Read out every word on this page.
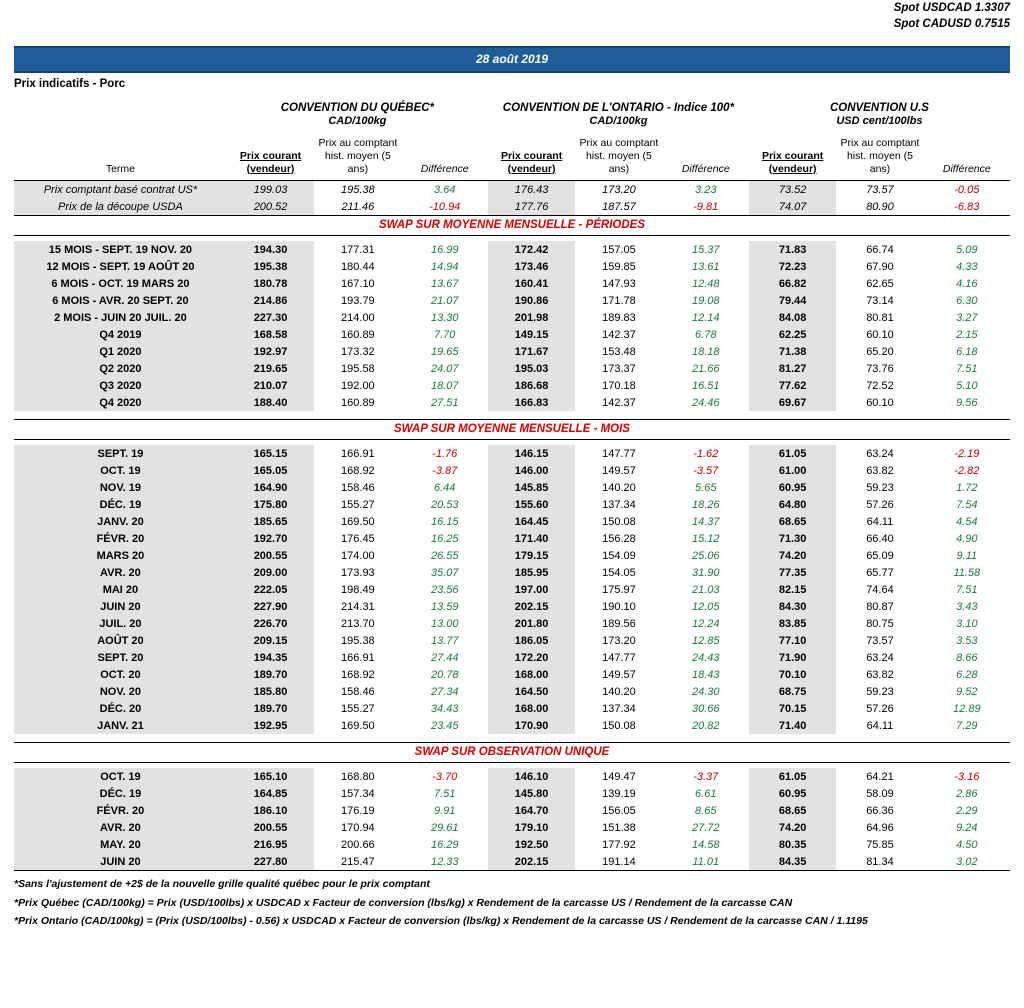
Spot USDCAD 1.3307
Spot CADUSD 0.7515
28 août 2019
Prix indicatifs - Porc
	CONVENTION DU QUÉBEC*			CONVENTION DE L'ONTARIO - Indice 100*			CONVENTION U.S		
	CAD/100kg			CAD/100kg			USD cent/100lbs		
Terme	Prix courant (vendeur)	Prix au comptant hist. moyen (5 ans)	Différence	Prix courant (vendeur)	Prix au comptant hist. moyen (5 ans)	Différence	Prix courant (vendeur)	Prix au comptant hist. moyen (5 ans)	Différence

Prix comptant basé contrat US*	199.03	195.38	3.64	176.43	173.20	3.23	73.52	73.57	-0.05
Prix de la découpe USDA	200.52	211.46	-10.94	177.76	187.57	-9.81	74.07	80.90	-6.83
SWAP SUR MOYENNE MENSUELLE - PÉRIODES									

15 MOIS - SEPT. 19 NOV. 20	194.30	177.31	16.99	172.42	157.05	15.37	71.83	66.74	5.09
12 MOIS - SEPT. 19 AOÛT 20	195.38	180.44	14.94	173.46	159.85	13.61	72.23	67.90	4.33
6 MOIS - OCT. 19 MARS 20	180.78	167.10	13.67	160.41	147.93	12.48	66.82	62.65	4.16
6 MOIS - AVR. 20 SEPT. 20	214.86	193.79	21.07	190.86	171.78	19.08	79.44	73.14	6.30
2 MOIS - JUIN 20 JUIL. 20	227.30	214.00	13.30	201.98	189.83	12.14	84.08	80.81	3.27
Q4 2019	168.58	160.89	7.70	149.15	142.37	6.78	62.25	60.10	2.15
Q1 2020	192.97	173.32	19.65	171.67	153.48	18.18	71.38	65.20	6.18
Q2 2020	219.65	195.58	24.07	195.03	173.37	21.66	81.27	73.76	7.51
Q3 2020	210.07	192.00	18.07	186.68	170.18	16.51	77.62	72.52	5.10
Q4 2020	188.40	160.89	27.51	166.83	142.37	24.46	69.67	60.10	9.56

SWAP SUR MOYENNE MENSUELLE - MOIS									

SEPT. 19	165.15	166.91	-1.76	146.15	147.77	-1.62	61.05	63.24	-2.19
OCT. 19	165.05	168.92	-3.87	146.00	149.57	-3.57	61.00	63.82	-2.82
NOV. 19	164.90	158.46	6.44	145.85	140.20	5.65	60.95	59.23	1.72
DÉC. 19	175.80	155.27	20.53	155.60	137.34	18.26	64.80	57.26	7.54
JANV. 20	185.65	169.50	16.15	164.45	150.08	14.37	68.65	64.11	4.54
FÉVR. 20	192.70	176.45	16.25	171.40	156.28	15.12	71.30	66.40	4.90
MARS 20	200.55	174.00	26.55	179.15	154.09	25.06	74.20	65.09	9.11
AVR. 20	209.00	173.93	35.07	185.95	154.05	31.90	77.35	65.77	11.58
MAI 20	222.05	198.49	23.56	197.00	175.97	21.03	82.15	74.64	7.51
JUIN 20	227.90	214.31	13.59	202.15	190.10	12.05	84.30	80.87	3.43
JUIL. 20	226.70	213.70	13.00	201.80	189.56	12.24	83.85	80.75	3.10
AOÛT 20	209.15	195.38	13.77	186.05	173.20	12.85	77.10	73.57	3.53
SEPT. 20	194.35	166.91	27.44	172.20	147.77	24.43	71.90	63.24	8.66
OCT. 20	189.70	168.92	20.78	168.00	149.57	18.43	70.10	63.82	6.28
NOV. 20	185.80	158.46	27.34	164.50	140.20	24.30	68.75	59.23	9.52
DÉC. 20	189.70	155.27	34.43	168.00	137.34	30.66	70.15	57.26	12.89
JANV. 21	192.95	169.50	23.45	170.90	150.08	20.82	71.40	64.11	7.29

SWAP SUR OBSERVATION UNIQUE									

OCT. 19	165.10	168.80	-3.70	146.10	149.47	-3.37	61.05	64.21	-3.16
DÉC. 19	164.85	157.34	7.51	145.80	139.19	6.61	60.95	58.09	2.86
FÉVR. 20	186.10	176.19	9.91	164.70	156.05	8.65	68.65	66.36	2.29
AVR. 20	200.55	170.94	29.61	179.10	151.38	27.72	74.20	64.96	9.24
MAY. 20	216.95	200.66	16.29	192.50	177.92	14.58	80.35	75.85	4.50
JUIN 20	227.80	215.47	12.33	202.15	191.14	11.01	84.35	81.34	3.02

*Sans l'ajustement de +2$ de la nouvelle grille qualité québec pour le prix comptant
*Prix Québec (CAD/100kg) = Prix (USD/100lbs) x USDCAD x Facteur de conversion (lbs/kg) x Rendement de la carcasse US / Rendement de la carcasse CAN
*Prix Ontario (CAD/100kg) = (Prix (USD/100lbs) - 0.56) x USDCAD x Facteur de conversion (lbs/kg) x Rendement de la carcasse US / Rendement de la carcasse CAN / 1.1195
